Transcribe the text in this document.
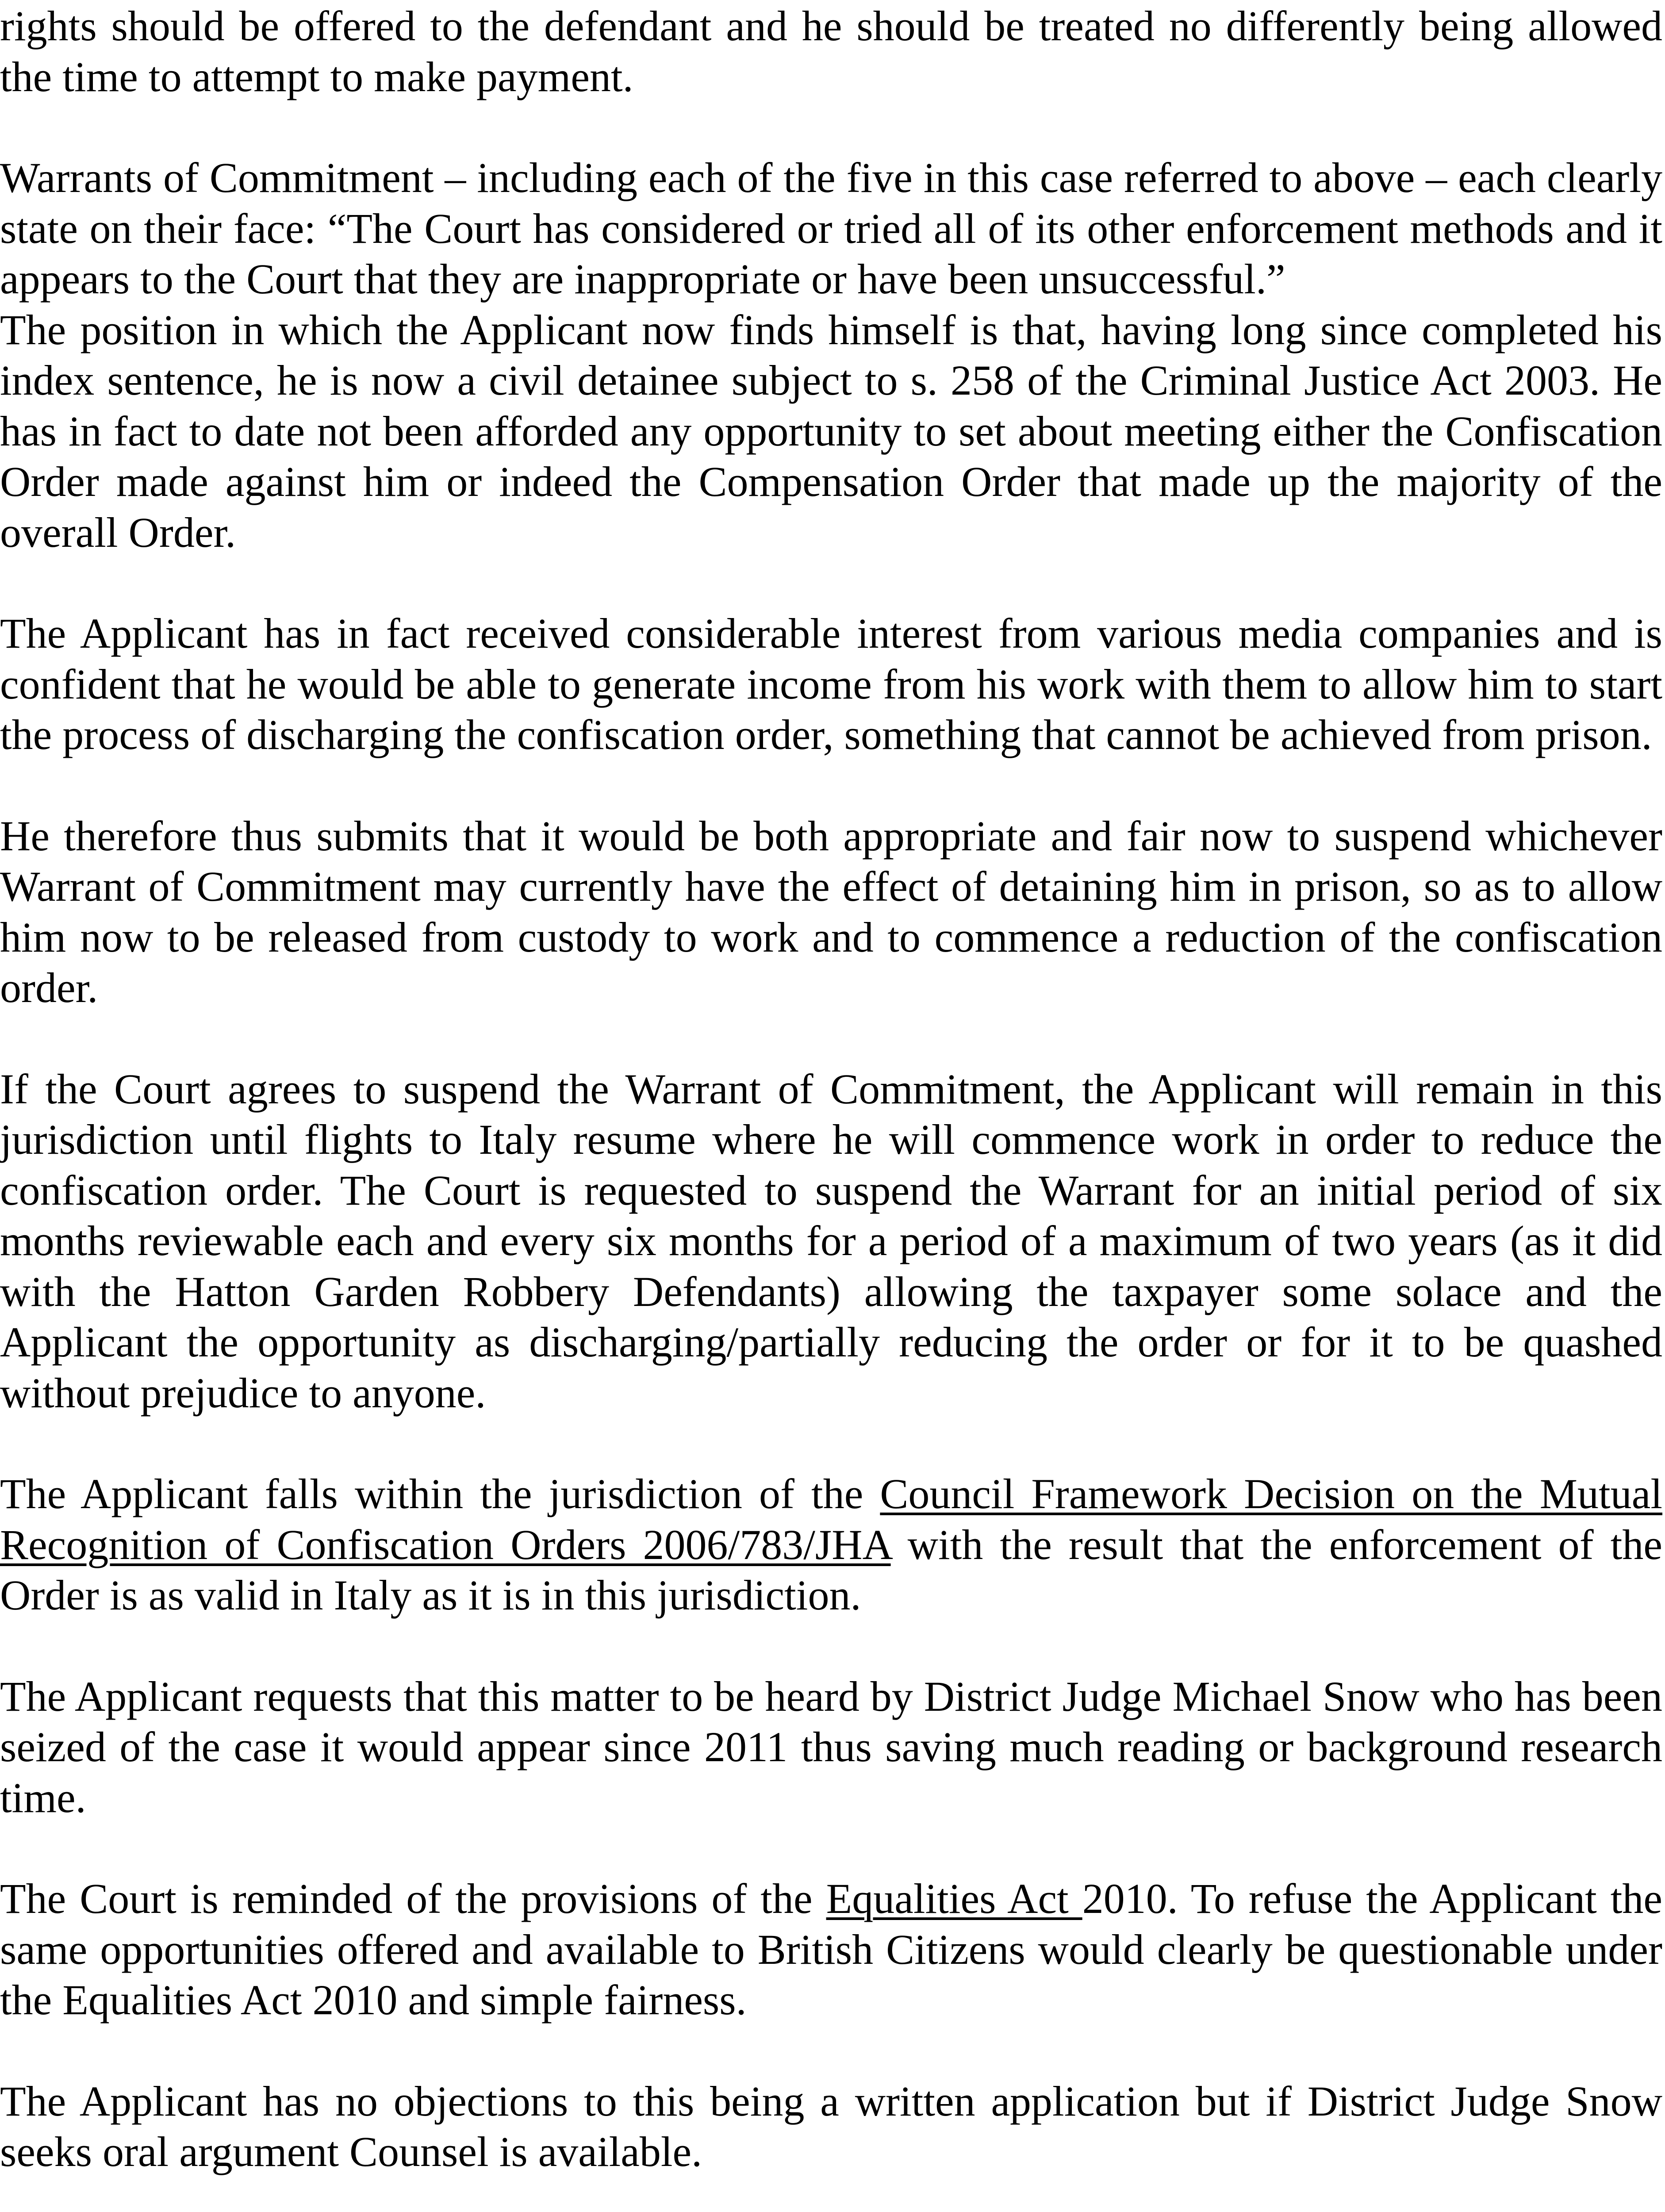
rights should be offered to the defendant and he should be treated no differently being allowed the time to attempt to make payment.

Warrants of Commitment – including each of the five in this case referred to above – each clearly state on their face: “The Court has considered or tried all of its other enforcement methods and it appears to the Court that they are inappropriate or have been unsuccessful.”

The position in which the Applicant now finds himself is that, having long since completed his index sentence, he is now a civil detainee subject to s. 258 of the Criminal Justice Act 2003. He has in fact to date not been afforded any opportunity to set about meeting either the Confiscation Order made against him or indeed the Compensation Order that made up the majority of the overall Order.

The Applicant has in fact received considerable interest from various media companies and is confident that he would be able to generate income from his work with them to allow him to start the process of discharging the confiscation order, something that cannot be achieved from prison.

He therefore thus submits that it would be both appropriate and fair now to suspend whichever Warrant of Commitment may currently have the effect of detaining him in prison, so as to allow him now to be released from custody to work and to commence a reduction of the confiscation order.

If the Court agrees to suspend the Warrant of Commitment, the Applicant will remain in this jurisdiction until flights to Italy resume where he will commence work in order to reduce the confiscation order. The Court is requested to suspend the Warrant for an initial period of six months reviewable each and every six months for a period of a maximum of two years (as it did with the Hatton Garden Robbery Defendants) allowing the taxpayer some solace and the Applicant the opportunity as discharging/partially reducing the order or for it to be quashed without prejudice to anyone.

The Applicant falls within the jurisdiction of the Council Framework Decision on the Mutual Recognition of Confiscation Orders 2006/783/JHA with the result that the enforcement of the Order is as valid in Italy as it is in this jurisdiction.

The Applicant requests that this matter to be heard by District Judge Michael Snow who has been seized of the case it would appear since 2011 thus saving much reading or background research time.

The Court is reminded of the provisions of the Equalities Act 2010. To refuse the Applicant the same opportunities offered and available to British Citizens would clearly be questionable under the Equalities Act 2010 and simple fairness.

The Applicant has no objections to this being a written application but if District Judge Snow seeks oral argument Counsel is available.
